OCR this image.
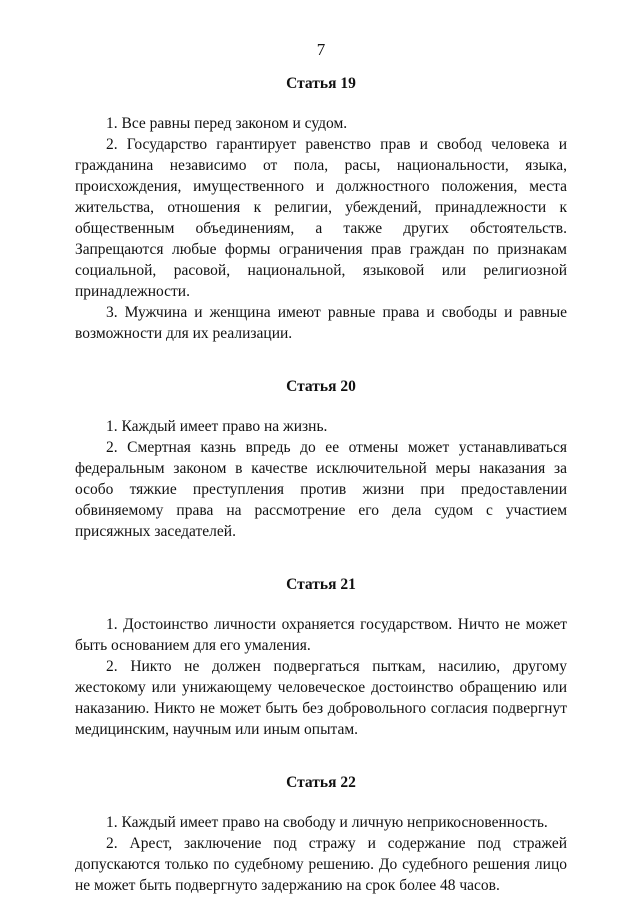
7
Статья 19

1. Все равны перед законом и судом.

2. Государство гарантирует равенство прав и свобод человека и гражданина независимо от пола, расы, национальности, языка, происхождения, имущественного и должностного положения, места жительства, отношения к религии, убеждений, принадлежности к общественным объединениям, а также других обстоятельств. Запрещаются любые формы ограничения прав граждан по признакам социальной, расовой, национальной, языковой или религиозной принадлежности.

3. Мужчина и женщина имеют равные права и свободы и равные возможности для их реализации.

Статья 20

1. Каждый имеет право на жизнь.

2. Смертная казнь впредь до ее отмены может устанавливаться федеральным законом в качестве исключительной меры наказания за особо тяжкие преступления против жизни при предоставлении обвиняемому права на рассмотрение его дела судом с участием присяжных заседателей.

Статья 21

1. Достоинство личности охраняется государством. Ничто не может быть основанием для его умаления.

2. Никто не должен подвергаться пыткам, насилию, другому жестокому или унижающему человеческое достоинство обращению или наказанию. Никто не может быть без добровольного согласия подвергнут медицинским, научным или иным опытам.

Статья 22

1. Каждый имеет право на свободу и личную неприкосновенность.

2. Арест, заключение под стражу и содержание под стражей допускаются только по судебному решению. До судебного решения лицо не может быть подвергнуто задержанию на срок более 48 часов.
